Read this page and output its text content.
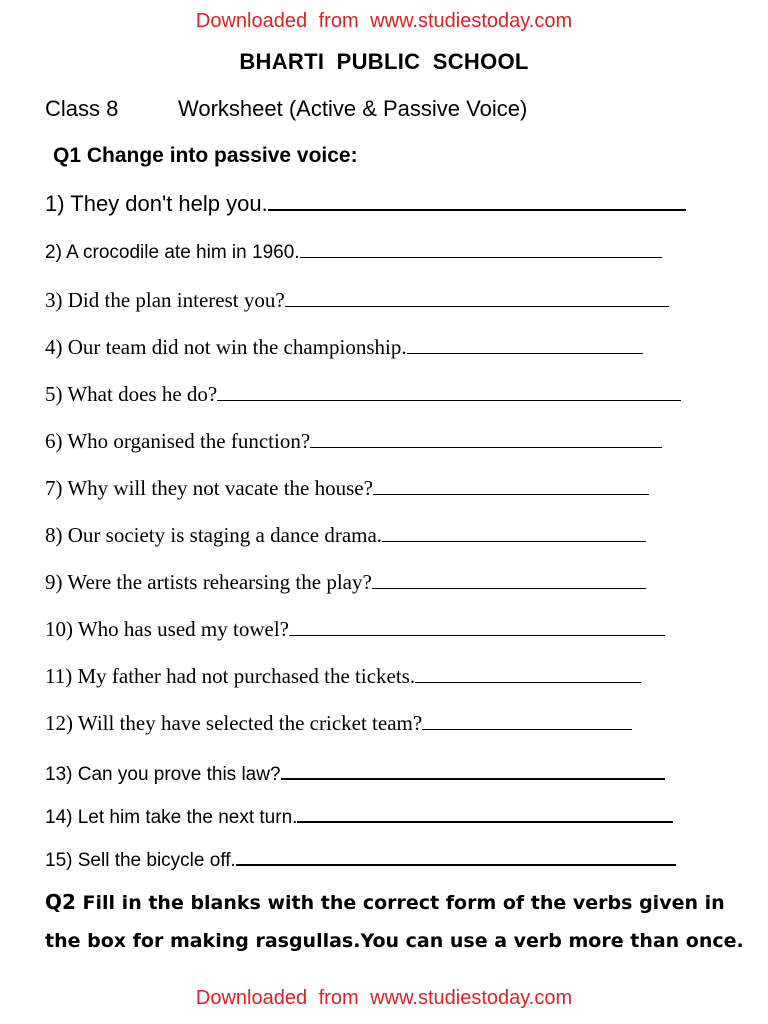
Downloaded from www.studiestoday.com
BHARTI PUBLIC SCHOOL
Class 8	Worksheet (Active & Passive Voice)
Q1 Change into passive voice:
1) They don't help you.
2) A crocodile ate him in 1960.
3) Did the plan interest you?
4) Our team did not win the championship.
5) What does he do?
6) Who organised the function?
7) Why will they not vacate the house?
8) Our society is staging a dance drama.
9) Were the artists rehearsing the play?
10) Who has used my towel?
11) My father had not purchased the tickets.
12) Will they have selected the cricket team?
13) Can you prove this law?
14) Let him take the next turn.
15) Sell the bicycle off.
Q2 Fill in the blanks with the correct form of the verbs given in the box for making rasgullas.You can use a verb more than once.
Downloaded from www.studiestoday.com
